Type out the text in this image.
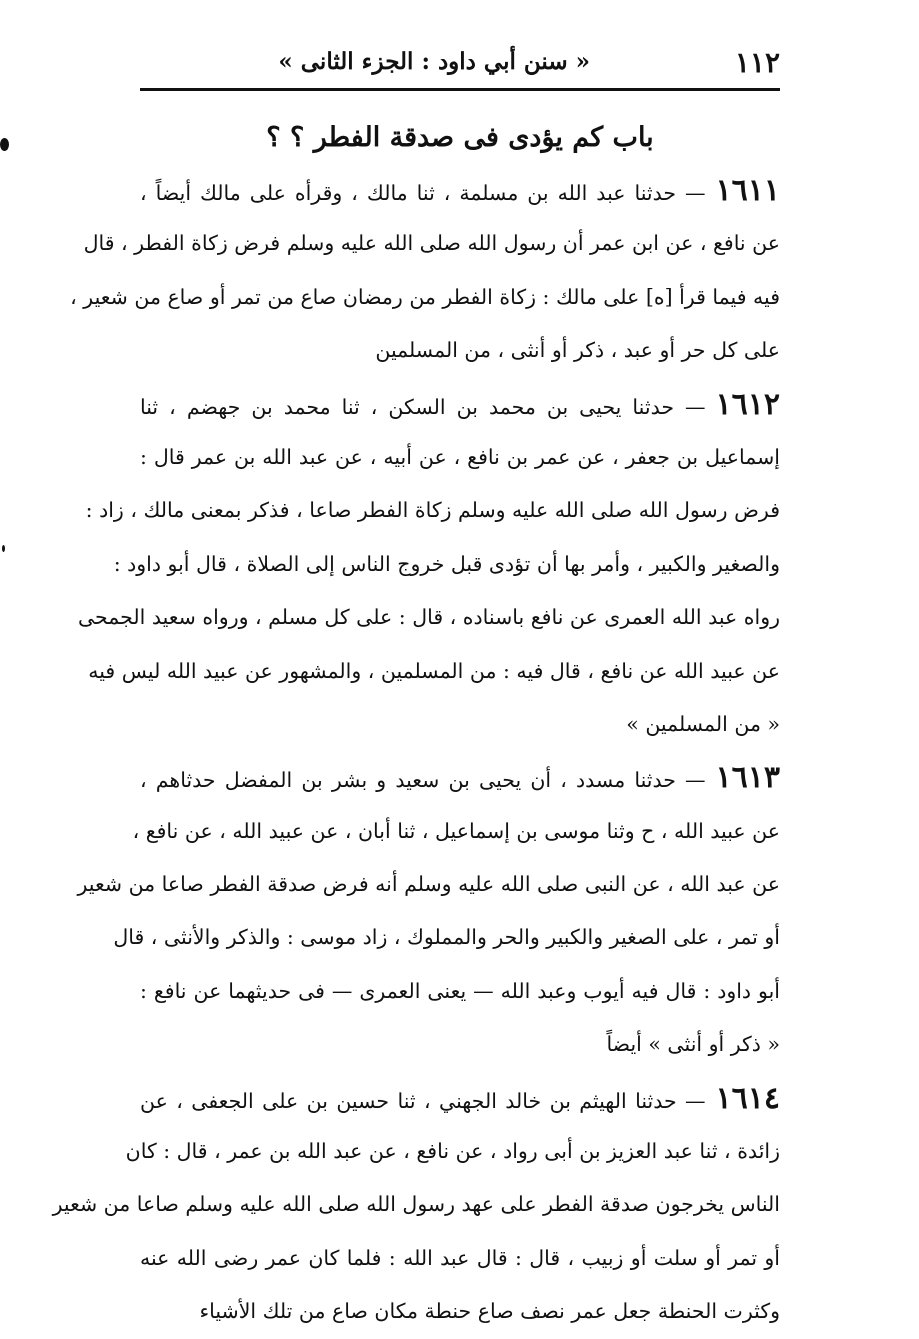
١١٢
« سنن أبي داود : الجزء الثانى »
باب كم يؤدى فى صدقة الفطر ؟ ؟
١٦١١— حدثنا عبد الله بن مسلمة ، ثنا مالك ، وقرأه على مالك أيضاً ،
عن نافع ، عن ابن عمر أن رسول الله صلى الله عليه وسلم فرض زكاة الفطر ، قال
فيه فيما قرأ [ه] على مالك : زكاة الفطر من رمضان صاع من تمر أو صاع من شعير ،
على كل حر أو عبد ، ذكر أو أنثى ، من المسلمين
١٦١٢— حدثنا يحيى بن محمد بن السكن ، ثنا محمد بن جهضم ، ثنا
إسماعيل بن جعفر ، عن عمر بن نافع ، عن أبيه ، عن عبد الله بن عمر قال :
فرض رسول الله صلى الله عليه وسلم زكاة الفطر صاعا ، فذكر بمعنى مالك ، زاد :
والصغير والكبير ، وأمر بها أن تؤدى قبل خروج الناس إلى الصلاة ، قال أبو داود :
رواه عبد الله العمرى عن نافع باسناده ، قال : على كل مسلم ، ورواه سعيد الجمحى
عن عبيد الله عن نافع ، قال فيه : من المسلمين ، والمشهور عن عبيد الله ليس فيه
« من المسلمين »
١٦١٣— حدثنا مسدد ، أن يحيى بن سعيد و بشر بن المفضل حدثاهم ،
عن عبيد الله ، ح وثنا موسى بن إسماعيل ، ثنا أبان ، عن عبيد الله ، عن نافع ،
عن عبد الله ، عن النبى صلى الله عليه وسلم أنه فرض صدقة الفطر صاعا من شعير
أو تمر ، على الصغير والكبير والحر والمملوك ، زاد موسى : والذكر والأنثى ، قال
أبو داود : قال فيه أيوب وعبد الله — يعنى العمرى — فى حديثهما عن نافع :
« ذكر أو أنثى » أيضاً
١٦١٤— حدثنا الهيثم بن خالد الجهني ، ثنا حسين بن على الجعفى ، عن
زائدة ، ثنا عبد العزيز بن أبى رواد ، عن نافع ، عن عبد الله بن عمر ، قال : كان
الناس يخرجون صدقة الفطر على عهد رسول الله صلى الله عليه وسلم صاعا من شعير
أو تمر أو سلت أو زبيب ، قال : قال عبد الله : فلما كان عمر رضى الله عنه
وكثرت الحنطة جعل عمر نصف صاع حنطة مكان صاع من تلك الأشياء
